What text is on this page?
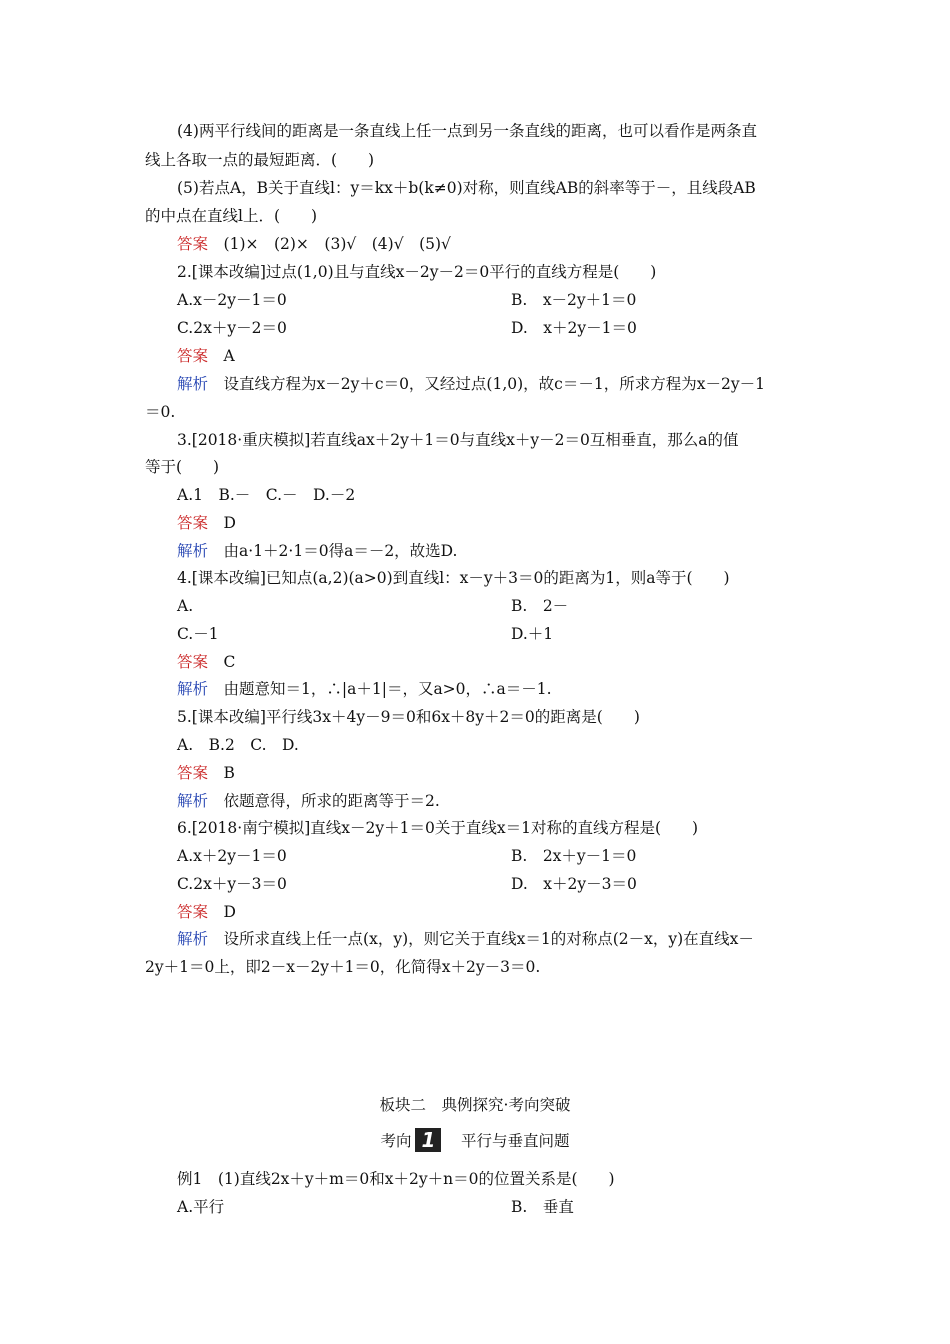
(4)两平行线间的距离是一条直线上任一点到另一条直线的距离，也可以看作是两条直
线上各取一点的最短距离．(　　)
(5)若点A，B关于直线l：y＝kx＋b(k≠0)对称，则直线AB的斜率等于－，且线段AB
的中点在直线l上．(　　)
答案　 (1)×　(2)×　(3)√　(4)√　(5)√
2.[课本改编]过点(1,0)且与直线x－2y－2＝0平行的直线方程是(　　)
A.x－2y－1＝0	B.　x－2y＋1＝0
C.2x＋y－2＝0	D.　x＋2y－1＝0
答案　 A
解析　 设直线方程为x－2y＋c＝0，又经过点(1,0)，故c＝－1，所求方程为x－2y－1
＝0.
3.[2018·重庆模拟]若直线ax＋2y＋1＝0与直线x＋y－2＝0互相垂直，那么a的值
等于(　　)
A.1　B.－　C.－　D.－2
答案　 D
解析　 由a·1＋2·1＝0得a＝－2，故选D.
4.[课本改编]已知点(a,2)(a>0)到直线l：x－y＋3＝0的距离为1，则a等于(　　)
A.	B.　2－
C.－1	D.＋1
答案　 C
解析　 由题意知＝1，∴|a＋1|＝，又a>0，∴a＝－1.
5.[课本改编]平行线3x＋4y－9＝0和6x＋8y＋2＝0的距离是(　　)
A.　B.2　C.　D.
答案　 B
解析　 依题意得，所求的距离等于＝2.
6.[2018·南宁模拟]直线x－2y＋1＝0关于直线x＝1对称的直线方程是(　　)
A.x＋2y－1＝0	B.　2x＋y－1＝0
C.2x＋y－3＝0	D.　x＋2y－3＝0
答案　 D
解析　 设所求直线上任一点(x，y)，则它关于直线x＝1的对称点(2－x，y)在直线x－
2y＋1＝0上，即2－x－2y＋1＝0，化简得x＋2y－3＝0.
板块二　典例探究·考向突破
考向 1　 平行与垂直问题
例1　(1)直线2x＋y＋m＝0和x＋2y＋n＝0的位置关系是(　　)
A.平行	B.　垂直
